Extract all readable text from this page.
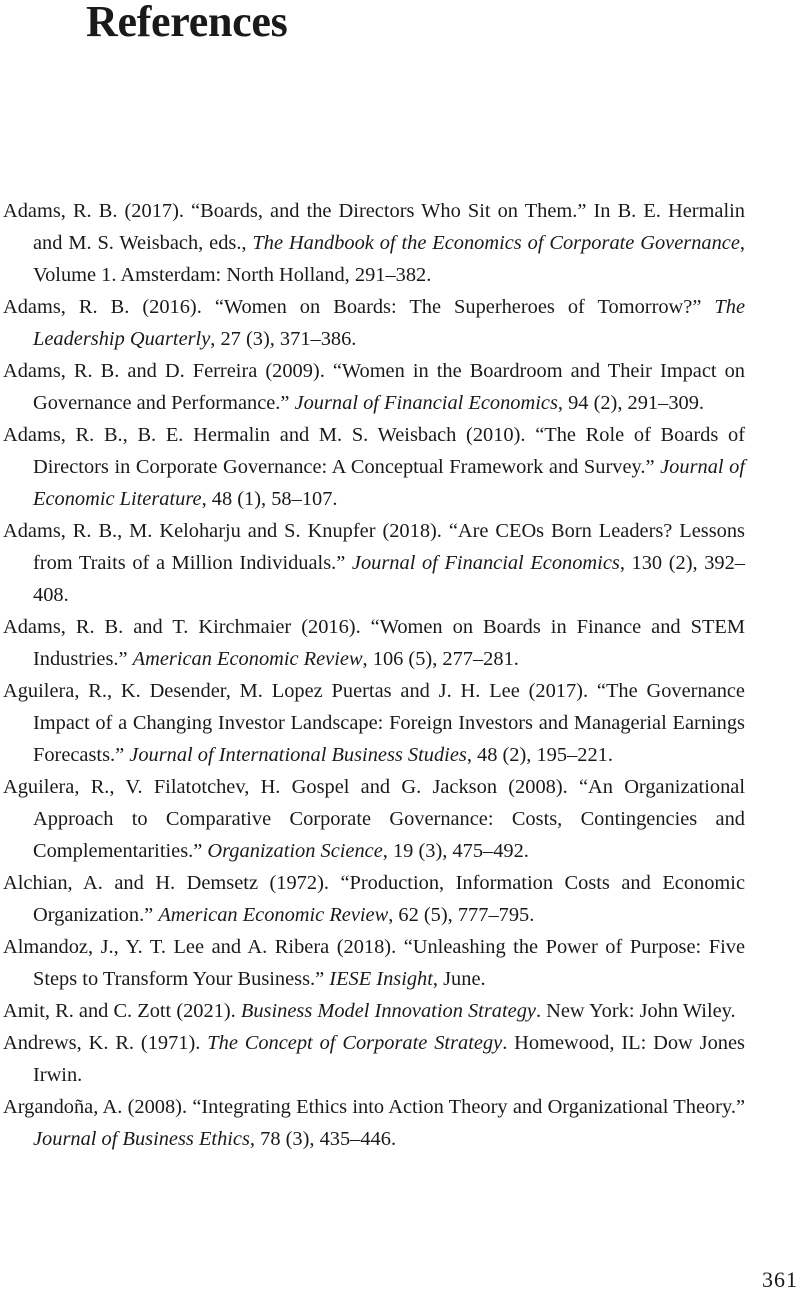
References

Adams, R. B. (2017). “Boards, and the Directors Who Sit on Them.” In B. E. Hermalin and M. S. Weisbach, eds., The Handbook of the Economics of Corporate Governance, Volume 1. Amsterdam: North Holland, 291–382.

Adams, R. B. (2016). “Women on Boards: The Superheroes of Tomorrow?” The Leadership Quarterly, 27 (3), 371–386.

Adams, R. B. and D. Ferreira (2009). “Women in the Boardroom and Their Impact on Governance and Performance.” Journal of Financial Economics, 94 (2), 291–309.

Adams, R. B., B. E. Hermalin and M. S. Weisbach (2010). “The Role of Boards of Directors in Corporate Governance: A Conceptual Framework and Survey.” Journal of Economic Literature, 48 (1), 58–107.

Adams, R. B., M. Keloharju and S. Knupfer (2018). “Are CEOs Born Leaders? Lessons from Traits of a Million Individuals.” Journal of Financial Economics, 130 (2), 392–408.

Adams, R. B. and T. Kirchmaier (2016). “Women on Boards in Finance and STEM Industries.” American Economic Review, 106 (5), 277–281.

Aguilera, R., K. Desender, M. Lopez Puertas and J. H. Lee (2017). “The Governance Impact of a Changing Investor Landscape: Foreign Investors and Managerial Earnings Forecasts.” Journal of International Business Studies, 48 (2), 195–221.

Aguilera, R., V. Filatotchev, H. Gospel and G. Jackson (2008). “An Organizational Approach to Comparative Corporate Governance: Costs, Contingencies and Complementarities.” Organization Science, 19 (3), 475–492.

Alchian, A. and H. Demsetz (1972). “Production, Information Costs and Economic Organization.” American Economic Review, 62 (5), 777–795.

Almandoz, J., Y. T. Lee and A. Ribera (2018). “Unleashing the Power of Purpose: Five Steps to Transform Your Business.” IESE Insight, June.

Amit, R. and C. Zott (2021). Business Model Innovation Strategy. New York: John Wiley.

Andrews, K. R. (1971). The Concept of Corporate Strategy. Homewood, IL: Dow Jones Irwin.

Argandoña, A. (2008). “Integrating Ethics into Action Theory and Organizational Theory.” Journal of Business Ethics, 78 (3), 435–446.

361
